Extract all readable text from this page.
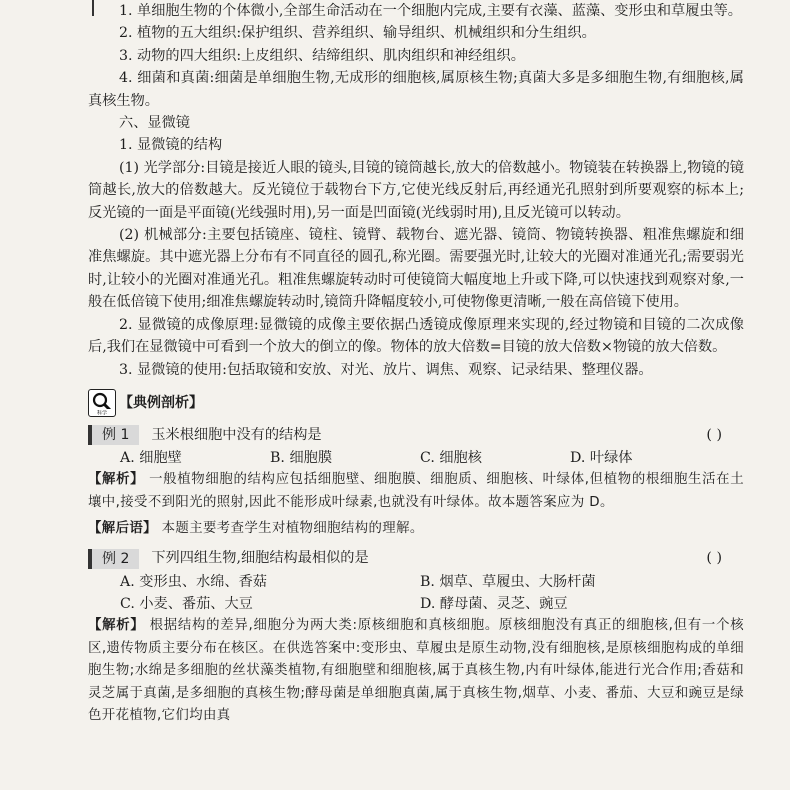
1. 单细胞生物的个体微小,全部生命活动在一个细胞内完成,主要有衣藻、蓝藻、变形虫和草履虫等。

2. 植物的五大组织:保护组织、营养组织、输导组织、机械组织和分生组织。

3. 动物的四大组织:上皮组织、结缔组织、肌肉组织和神经组织。

4. 细菌和真菌:细菌是单细胞生物,无成形的细胞核,属原核生物;真菌大多是多细胞生物,有细胞核,属真核生物。

六、显微镜

1. 显微镜的结构

(1) 光学部分:目镜是接近人眼的镜头,目镜的镜筒越长,放大的倍数越小。物镜装在转换器上,物镜的镜筒越长,放大的倍数越大。反光镜位于载物台下方,它使光线反射后,再经通光孔照射到所要观察的标本上;反光镜的一面是平面镜(光线强时用),另一面是凹面镜(光线弱时用),且反光镜可以转动。

(2) 机械部分:主要包括镜座、镜柱、镜臂、载物台、遮光器、镜筒、物镜转换器、粗准焦螺旋和细准焦螺旋。其中遮光器上分布有不同直径的圆孔,称光圈。需要强光时,让较大的光圈对准通光孔;需要弱光时,让较小的光圈对准通光孔。粗准焦螺旋转动时可使镜筒大幅度地上升或下降,可以快速找到观察对象,一般在低倍镜下使用;细准焦螺旋转动时,镜筒升降幅度较小,可使物像更清晰,一般在高倍镜下使用。

2. 显微镜的成像原理:显微镜的成像主要依据凸透镜成像原理来实现的,经过物镜和目镜的二次成像后,我们在显微镜中可看到一个放大的倒立的像。物体的放大倍数=目镜的放大倍数×物镜的放大倍数。

3. 显微镜的使用:包括取镜和安放、对光、放片、调焦、观察、记录结果、整理仪器。

科学
【典例剖析】
例 1	玉米根细胞中没有的结构是	( )
A. 细胞壁	B. 细胞膜	C. 细胞核	D. 叶绿体

【解析】 一般植物细胞的结构应包括细胞壁、细胞膜、细胞质、细胞核、叶绿体,但植物的根细胞生活在土壤中,接受不到阳光的照射,因此不能形成叶绿素,也就没有叶绿体。故本题答案应为 D。

【解后语】 本题主要考查学生对植物细胞结构的理解。

例 2	下列四组生物,细胞结构最相似的是	( )
A. 变形虫、水绵、香菇	B. 烟草、草履虫、大肠杆菌
C. 小麦、番茄、大豆	D. 酵母菌、灵芝、豌豆

【解析】 根据结构的差异,细胞分为两大类:原核细胞和真核细胞。原核细胞没有真正的细胞核,但有一个核区,遗传物质主要分布在核区。在供选答案中:变形虫、草履虫是原生动物,没有细胞核,是原核细胞构成的单细胞生物;水绵是多细胞的丝状藻类植物,有细胞壁和细胞核,属于真核生物,内有叶绿体,能进行光合作用;香菇和灵芝属于真菌,是多细胞的真核生物;酵母菌是单细胞真菌,属于真核生物,烟草、小麦、番茄、大豆和豌豆是绿色开花植物,它们均由真
